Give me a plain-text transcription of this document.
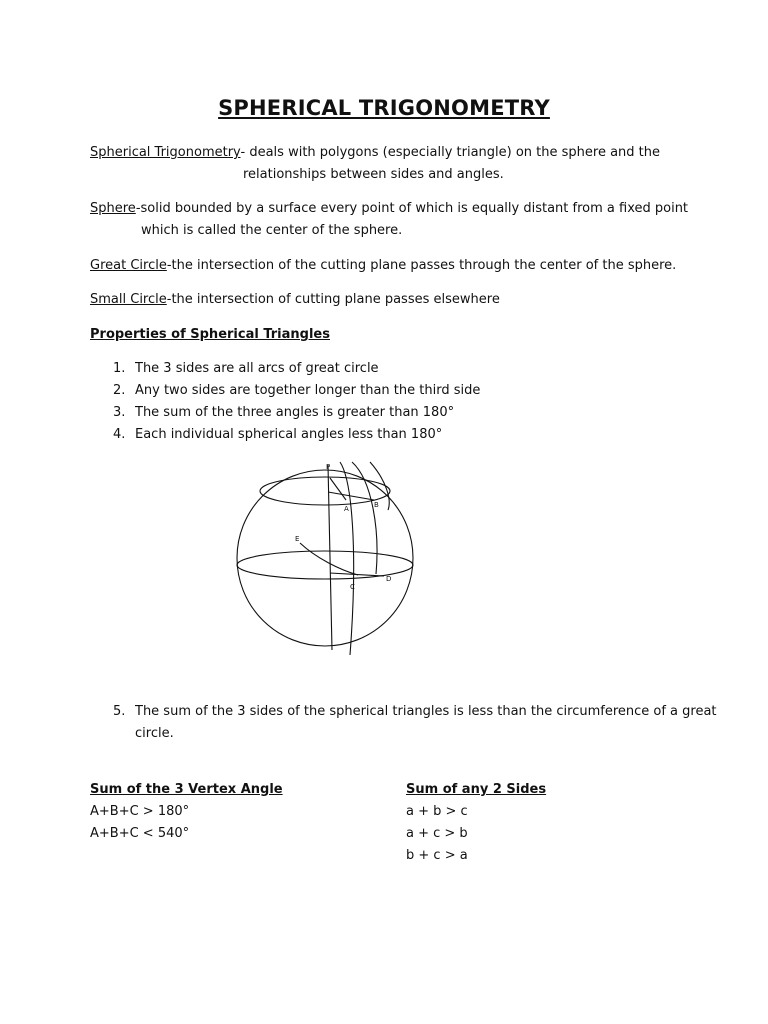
SPHERICAL TRIGONOMETRY
Spherical Trigonometry- deals with polygons (especially triangle) on the sphere and the
relationships between sides and angles.
Sphere-solid bounded by a surface every point of which is equally distant from a fixed point
which is called the center of the sphere.
Great Circle-the intersection of the cutting plane passes through the center of the sphere.
Small Circle-the intersection of cutting plane passes elsewhere
Properties of Spherical Triangles
1. The 3 sides are all arcs of great circle
2. Any two sides are together longer than the third side
3. The sum of the three angles is greater than 180°
4. Each individual spherical angles less than 180°
P
A	B
E
C
D
5. The sum of the 3 sides of the spherical triangles is less than the circumference of a great
circle.
Sum of the 3 Vertex Angle
A+B+C > 180°
A+B+C < 540°
Sum of any 2 Sides
a + b > c
a + c > b
b + c > a
